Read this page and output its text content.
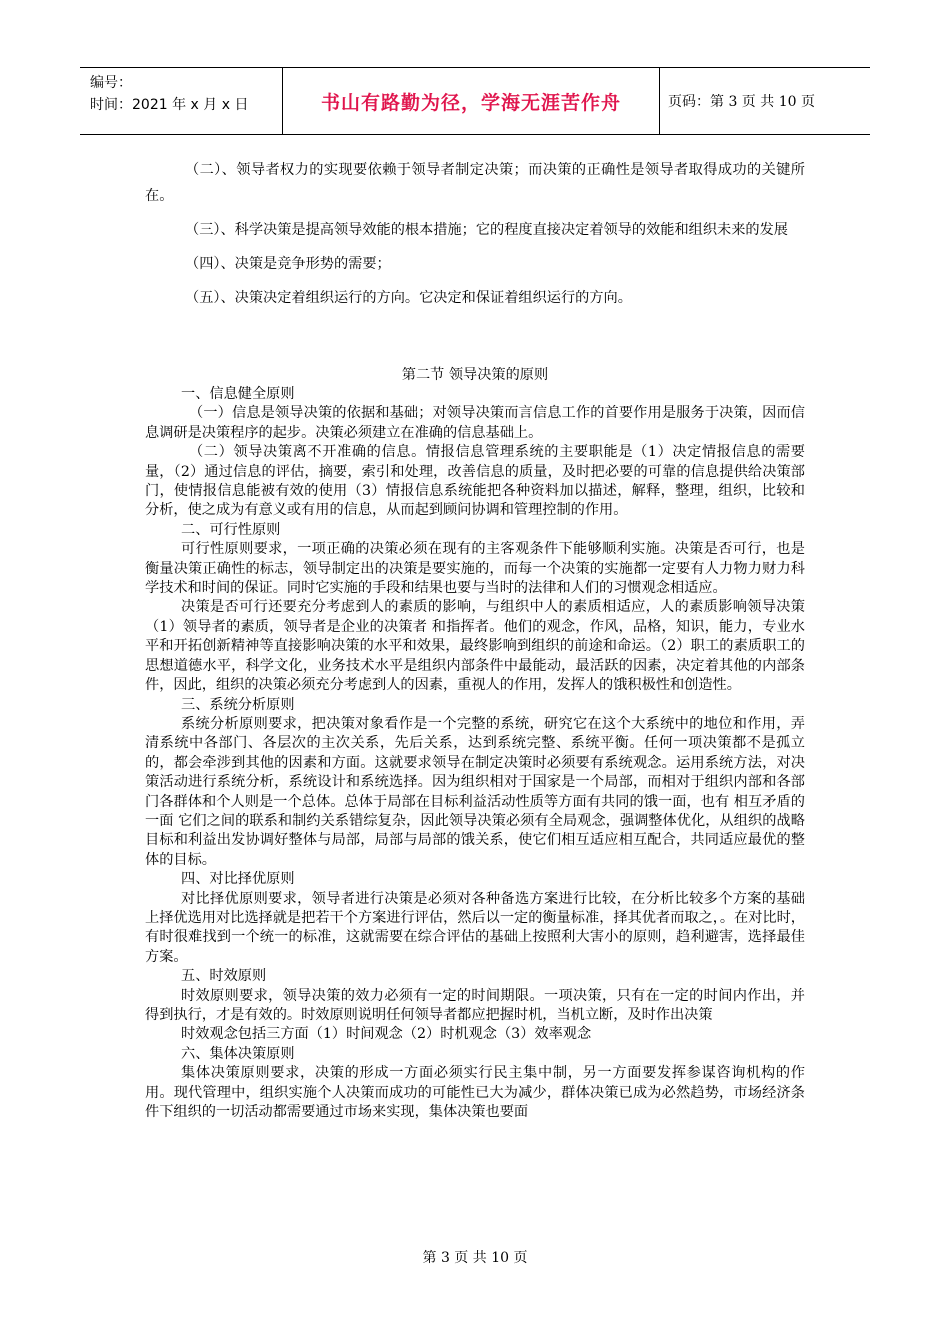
编号：
时间：2021 年 x 月 x 日	书山有路勤为径，学海无涯苦作舟	页码：第 3 页 共 10 页

（二）、领导者权力的实现要依赖于领导者制定决策；而决策的正确性是领导者取得成功的关键所在。

（三）、科学决策是提高领导效能的根本措施；它的程度直接决定着领导的效能和组织未来的发展

（四）、决策是竞争形势的需要；

（五）、决策决定着组织运行的方向。它决定和保证着组织运行的方向。

第二节 领导决策的原则

一、信息健全原则

（一）信息是领导决策的依据和基础；对领导决策而言信息工作的首要作用是服务于决策，因而信息调研是决策程序的起步。决策必须建立在准确的信息基础上。

（二）领导决策离不开准确的信息。情报信息管理系统的主要职能是（1）决定情报信息的需要量，（2）通过信息的评估，摘要，索引和处理，改善信息的质量，及时把必要的可靠的信息提供给决策部门，使情报信息能被有效的使用（3）情报信息系统能把各种资料加以描述，解释，整理，组织，比较和分析，使之成为有意义或有用的信息，从而起到顾问协调和管理控制的作用。

二、可行性原则

可行性原则要求，一项正确的决策必须在现有的主客观条件下能够顺利实施。决策是否可行，也是衡量决策正确性的标志，领导制定出的决策是要实施的，而每一个决策的实施都一定要有人力物力财力科学技术和时间的保证。同时它实施的手段和结果也要与当时的法律和人们的习惯观念相适应。

决策是否可行还要充分考虑到人的素质的影响，与组织中人的素质相适应，人的素质影响领导决策（1）领导者的素质，领导者是企业的决策者 和指挥者。他们的观念，作风，品格，知识，能力，专业水平和开拓创新精神等直接影响决策的水平和效果，最终影响到组织的前途和命运。（2）职工的素质职工的思想道德水平，科学文化，业务技术水平是组织内部条件中最能动，最活跃的因素，决定着其他的内部条件，因此，组织的决策必须充分考虑到人的因素，重视人的作用，发挥人的饿积极性和创造性。

三、系统分析原则

系统分析原则要求，把决策对象看作是一个完整的系统，研究它在这个大系统中的地位和作用，弄清系统中各部门、各层次的主次关系，先后关系，达到系统完整、系统平衡。任何一项决策都不是孤立的，都会牵涉到其他的因素和方面。这就要求领导在制定决策时必须要有系统观念。运用系统方法，对决策活动进行系统分析，系统设计和系统选择。因为组织相对于国家是一个局部，而相对于组织内部和各部门各群体和个人则是一个总体。总体于局部在目标利益活动性质等方面有共同的饿一面，也有 相互矛盾的一面 它们之间的联系和制约关系错综复杂，因此领导决策必须有全局观念，强调整体优化，从组织的战略目标和利益出发协调好整体与局部，局部与局部的饿关系，使它们相互适应相互配合，共同适应最优的整体的目标。

四、对比择优原则

对比择优原则要求，领导者进行决策是必须对各种备选方案进行比较，在分析比较多个方案的基础上择优选用对比选择就是把若干个方案进行评估，然后以一定的衡量标准，择其优者而取之，。在对比时，有时很难找到一个统一的标准，这就需要在综合评估的基础上按照利大害小的原则，趋利避害，选择最佳方案。

五、时效原则

时效原则要求，领导决策的效力必须有一定的时间期限。一项决策，只有在一定的时间内作出，并得到执行，才是有效的。时效原则说明任何领导者都应把握时机，当机立断，及时作出决策

时效观念包括三方面（1）时间观念（2）时机观念（3）效率观念

六、集体决策原则

集体决策原则要求，决策的形成一方面必须实行民主集中制，另一方面要发挥参谋咨询机构的作用。现代管理中，组织实施个人决策而成功的可能性已大为减少，群体决策已成为必然趋势，市场经济条件下组织的一切活动都需要通过市场来实现，集体决策也要面

第 3 页 共 10 页
